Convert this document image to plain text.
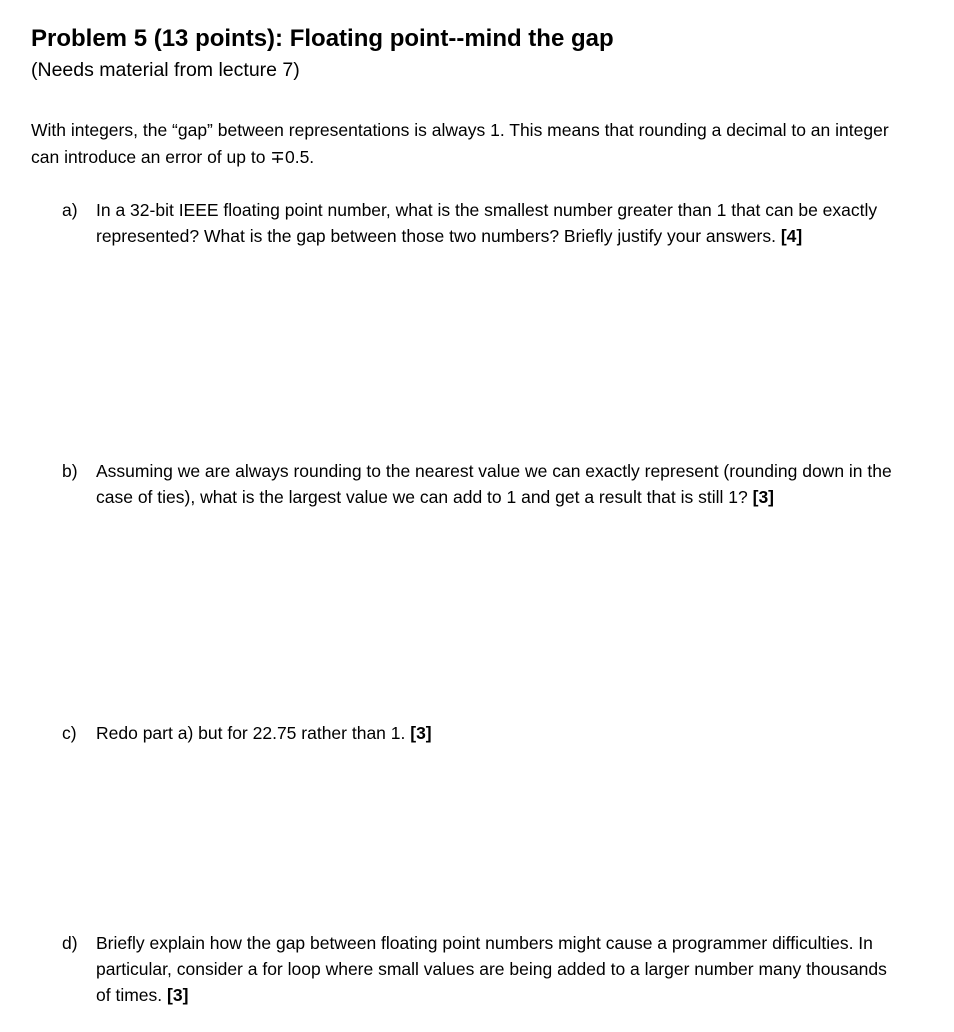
Problem 5 (13 points): Floating point--mind the gap

(Needs material from lecture 7)

With integers, the “gap” between representations is always 1. This means that rounding a decimal to an integer can introduce an error of up to ∓0.5.

a) In a 32-bit IEEE floating point number, what is the smallest number greater than 1 that can be exactly represented? What is the gap between those two numbers? Briefly justify your answers. [4]
b) Assuming we are always rounding to the nearest value we can exactly represent (rounding down in the case of ties), what is the largest value we can add to 1 and get a result that is still 1? [3]
c) Redo part a) but for 22.75 rather than 1. [3]
d) Briefly explain how the gap between floating point numbers might cause a programmer difficulties. In particular, consider a for loop where small values are being added to a larger number many thousands of times. [3]
